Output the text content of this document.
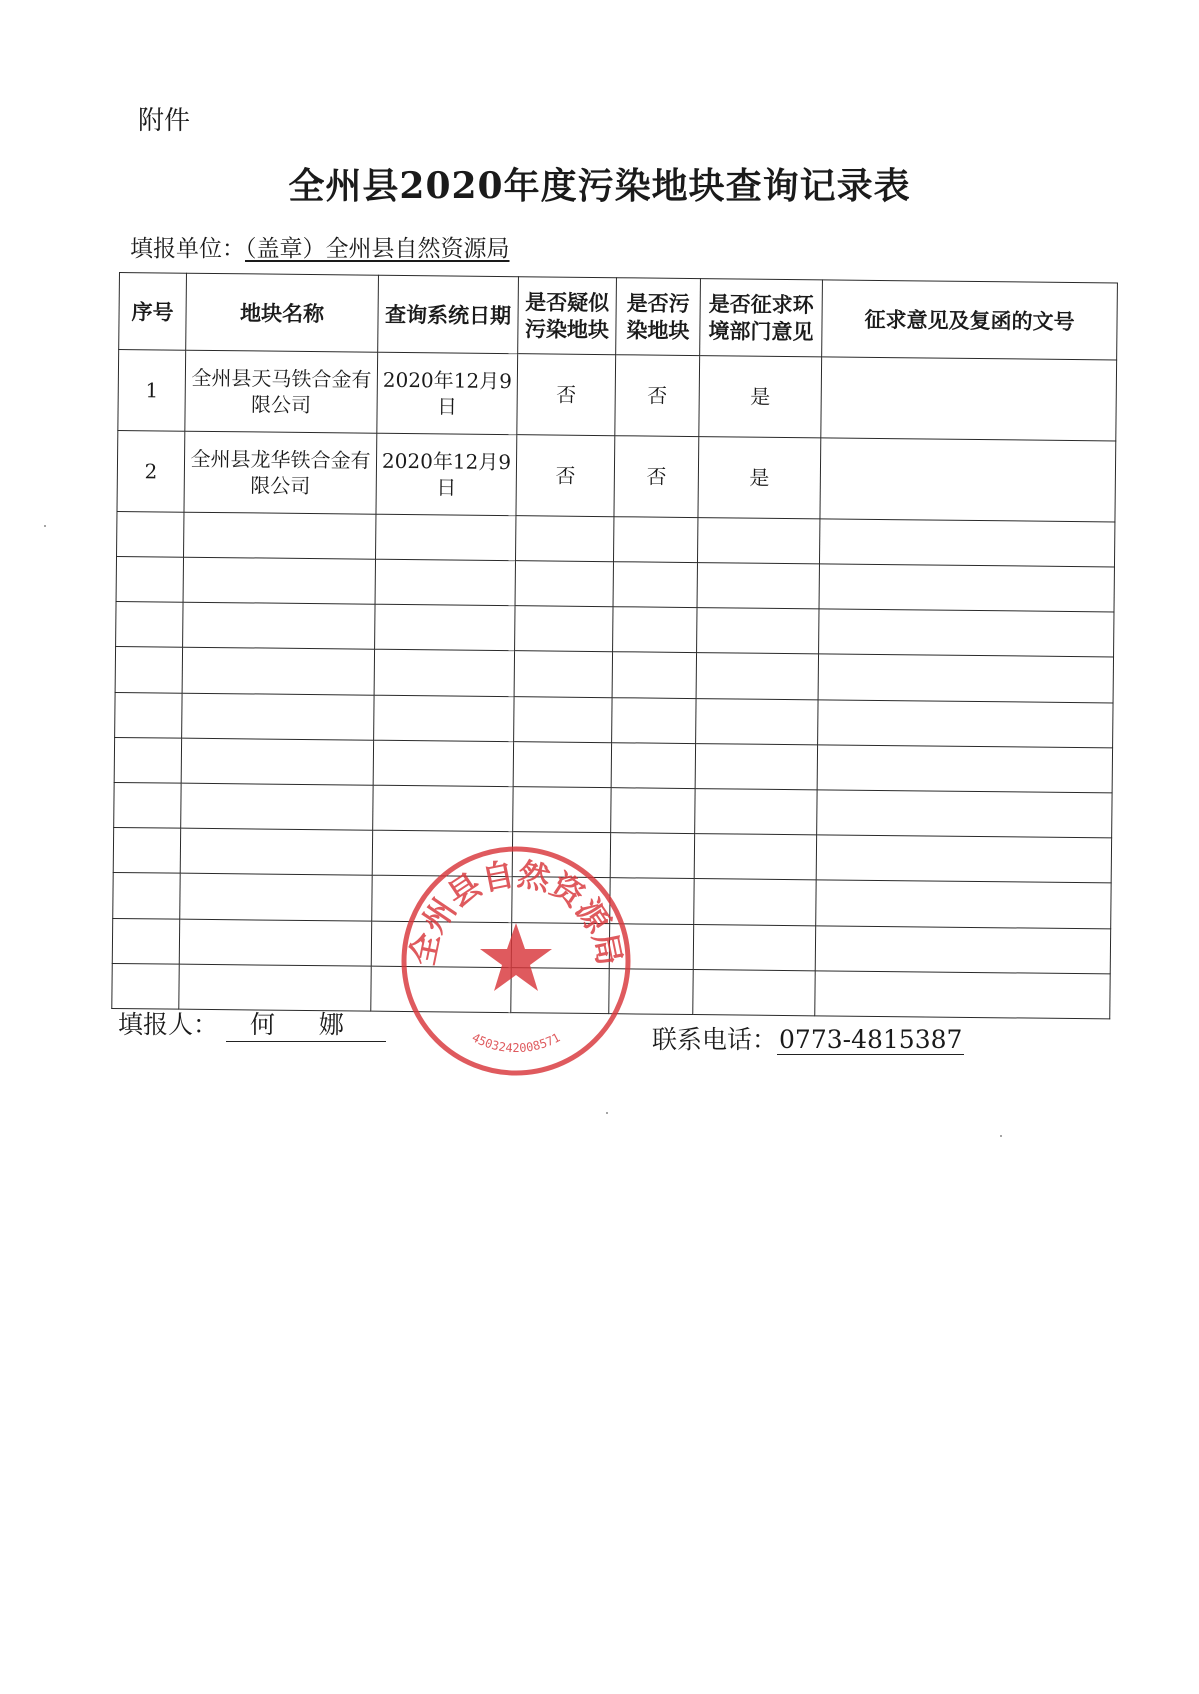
附件
全州县2020年度污染地块查询记录表
填报单位：（盖章）全州县自然资源局
序号	地块名称	查询系统日期	是否疑似污染地块	是否污染地块	是否征求环境部门意见	征求意见及复函的文号
1	全州县天马铁合金有限公司	2020年12月9日	否	否	是	
2	全州县龙华铁合金有限公司	2020年12月9日	否	否	是	

填报人： 何 娜
联系电话：0773-4815387
全州县自然资源局
4503242008571
